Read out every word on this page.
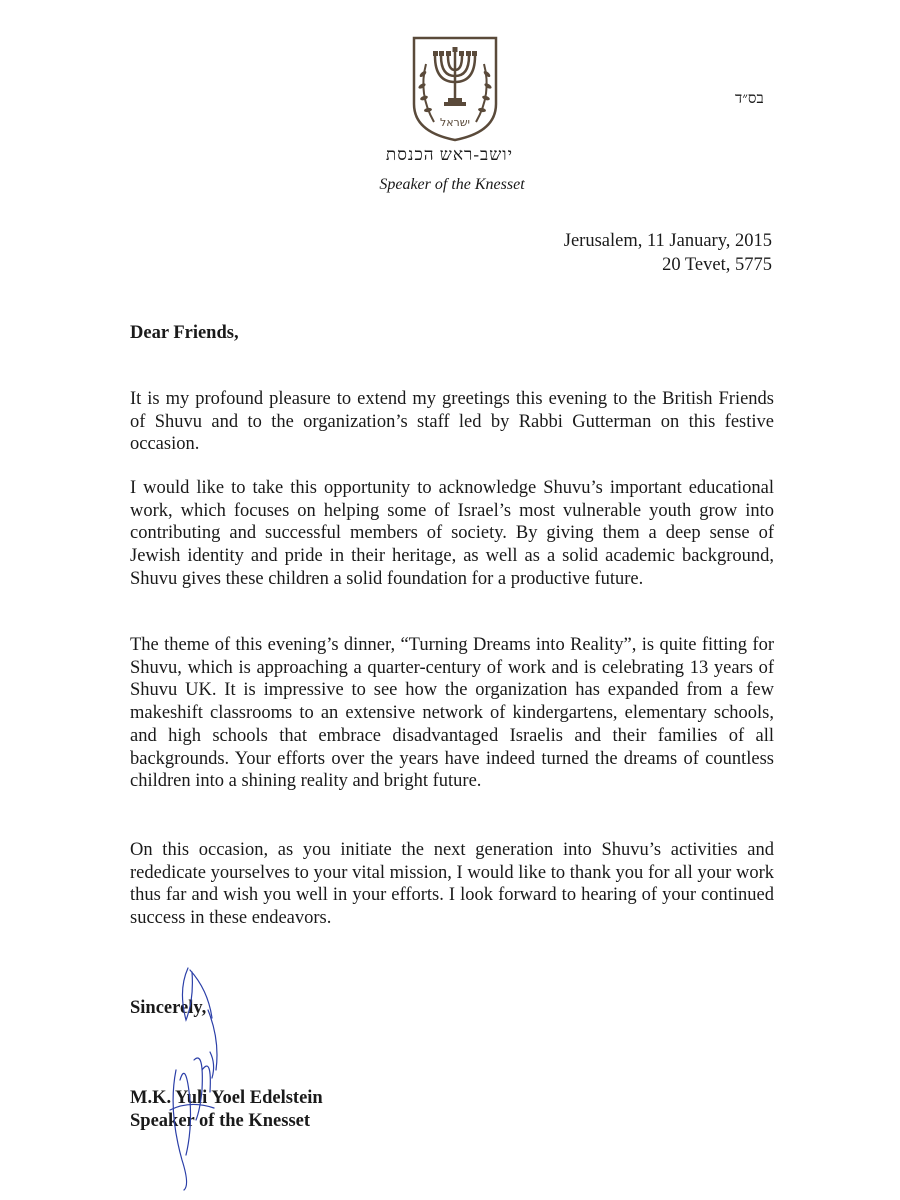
ישראל
בס״ד
יושב-ראש הכנסת
Speaker of the Knesset
Jerusalem, 11 January, 2015
20 Tevet, 5775
Dear Friends,

It is my profound pleasure to extend my greetings this evening to the British Friends of Shuvu and to the organization’s staff led by Rabbi Gutterman on this festive occasion.

I would like to take this opportunity to acknowledge Shuvu’s important educational work, which focuses on helping some of Israel’s most vulnerable youth grow into contributing and successful members of society. By giving them a deep sense of Jewish identity and pride in their heritage, as well as a solid academic background, Shuvu gives these children a solid foundation for a productive future.

The theme of this evening’s dinner, “Turning Dreams into Reality”, is quite fitting for Shuvu, which is approaching a quarter-century of work and is celebrating 13 years of Shuvu UK. It is impressive to see how the organization has expanded from a few makeshift classrooms to an extensive network of kindergartens, elementary schools, and high schools that embrace disadvantaged Israelis and their families of all backgrounds. Your efforts over the years have indeed turned the dreams of countless children into a shining reality and bright future.

On this occasion, as you initiate the next generation into Shuvu’s activities and rededicate yourselves to your vital mission, I would like to thank you for all your work thus far and wish you well in your efforts. I look forward to hearing of your continued success in these endeavors.

Sincerely,
M.K. Yuli Yoel Edelstein
Speaker of the Knesset
